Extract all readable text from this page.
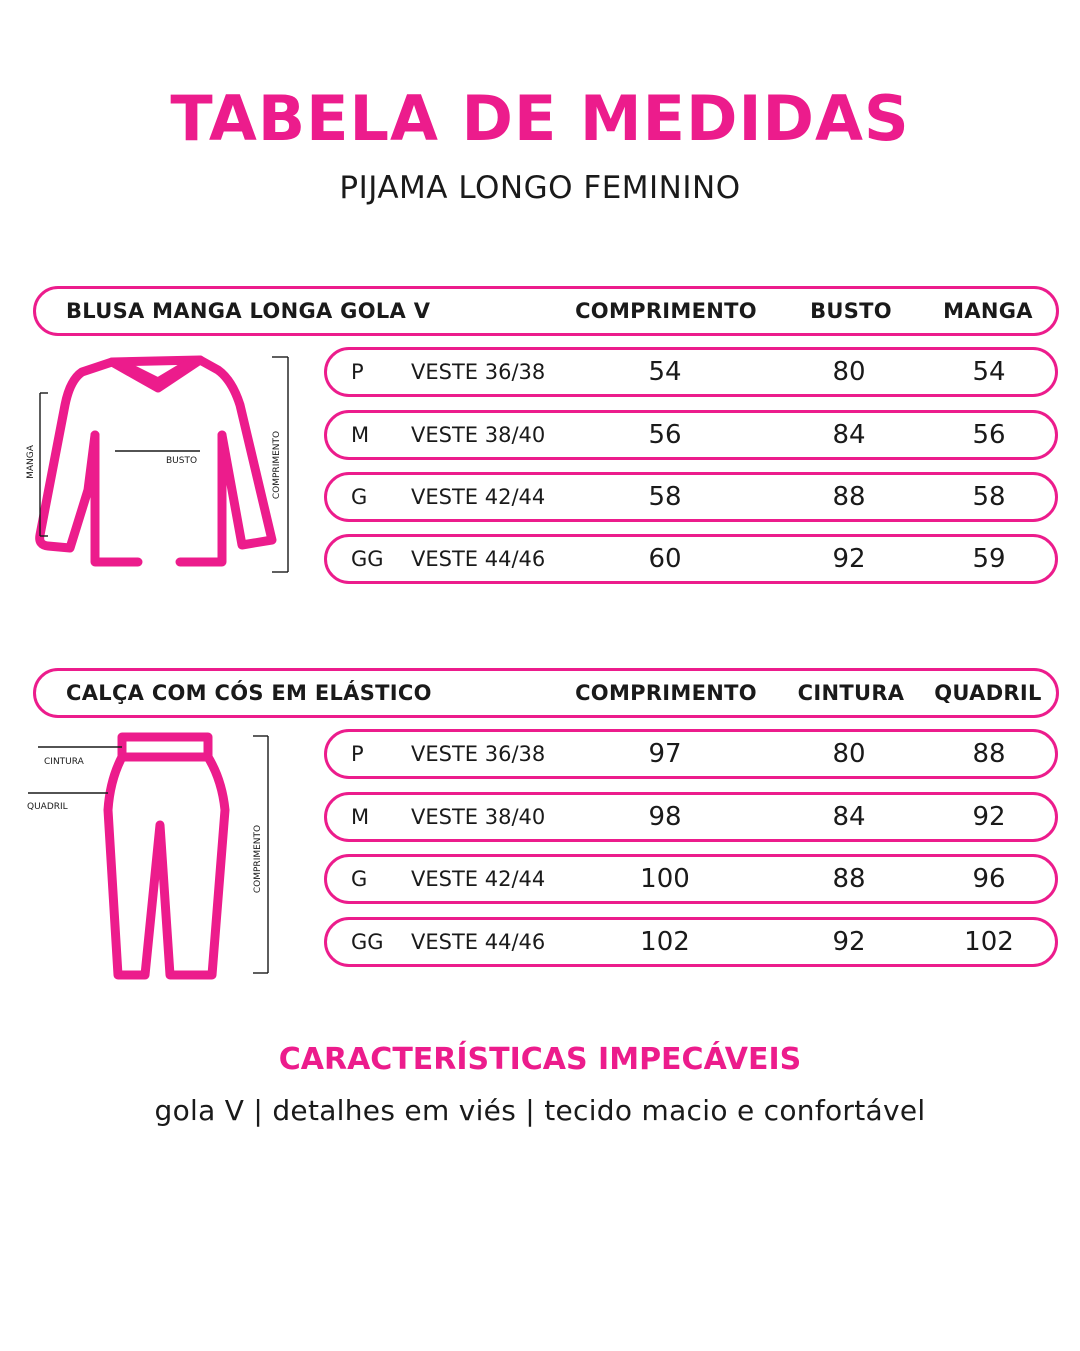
TABELA DE MEDIDAS

PIJAMA LONGO FEMININO

BLUSA MANGA LONGA GOLA V	COMPRIMENTO	BUSTO	MANGA
P VESTE 36/38	54	80	54
M VESTE 38/40	56	84	56
G VESTE 42/44	58	88	58
GG VESTE 44/46	60	92	59
MANGA	BUSTO	COMPRIMENTO
CALÇA COM CÓS EM ELÁSTICO	COMPRIMENTO	CINTURA	QUADRIL
P VESTE 36/38	97	80	88
M VESTE 38/40	98	84	92
G VESTE 42/44	100	88	96
GG VESTE 44/46	102	92	102
CINTURA
QUADRIL
COMPRIMENTO
CARACTERÍSTICAS IMPECÁVEIS

gola V | detalhes em viés | tecido macio e confortável
